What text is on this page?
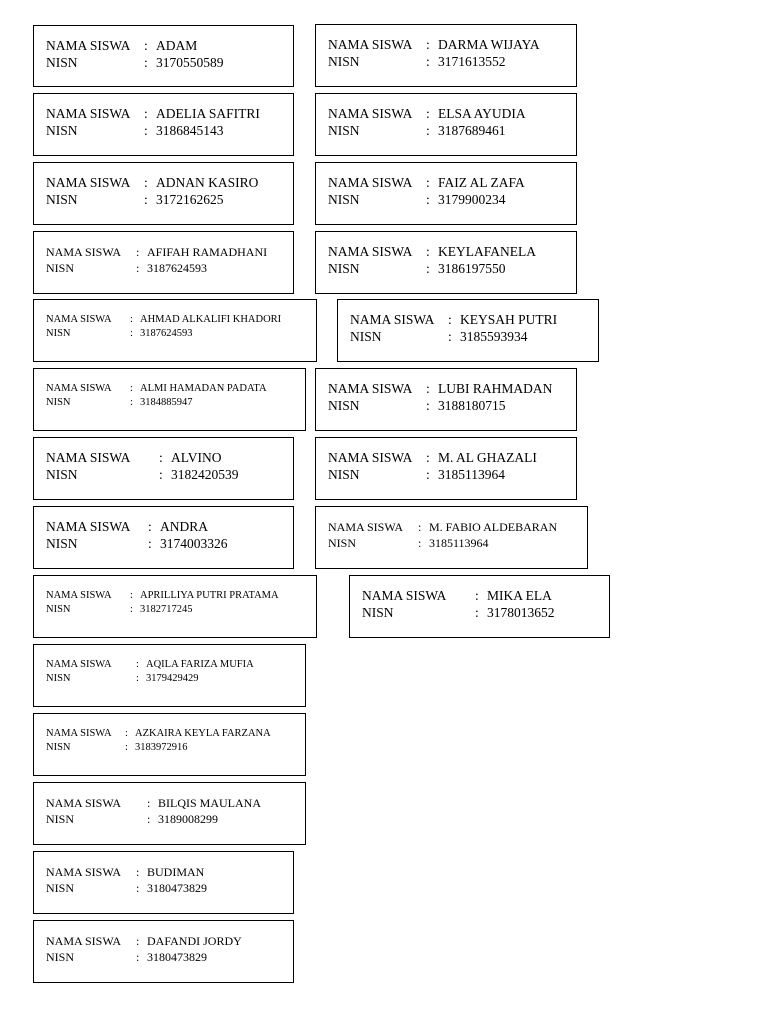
NAMA SISWA : ADAM
NISN	: 3170550589
NAMA SISWA : ADELIA SAFITRI
NISN	: 3186845143
NAMA SISWA : ADNAN KASIRO
NISN	: 3172162625
NAMA SISWA : AFIFAH RAMADHANI
NISN	: 3187624593
NAMA SISWA : AHMAD ALKALIFI KHADORI
NISN	: 3187624593
NAMA SISWA : ALMI HAMADAN PADATA
NISN	: 3184885947
NAMA SISWA : ALVINO
NISN	: 3182420539
NAMA SISWA : ANDRA
NISN	: 3174003326
NAMA SISWA : APRILLIYA PUTRI PRATAMA
NISN	: 3182717245
NAMA SISWA : AQILA FARIZA MUFIA
NISN	: 3179429429
NAMA SISWA : AZKAIRA KEYLA FARZANA
NISN	: 3183972916
NAMA SISWA : BILQIS MAULANA
NISN	: 3189008299
NAMA SISWA : BUDIMAN
NISN	: 3180473829
NAMA SISWA : DAFANDI JORDY
NISN	: 3180473829
NAMA SISWA : DARMA WIJAYA
NISN	: 3171613552
NAMA SISWA : ELSA AYUDIA
NISN	: 3187689461
NAMA SISWA : FAIZ AL ZAFA
NISN	: 3179900234
NAMA SISWA : KEYLAFANELA
NISN	: 3186197550
NAMA SISWA : KEYSAH PUTRI
NISN	: 3185593934
NAMA SISWA : LUBI RAHMADAN
NISN	: 3188180715
NAMA SISWA : M. AL GHAZALI
NISN	: 3185113964
NAMA SISWA : M. FABIO ALDEBARAN
NISN	: 3185113964
NAMA SISWA : MIKA ELA
NISN	: 3178013652
